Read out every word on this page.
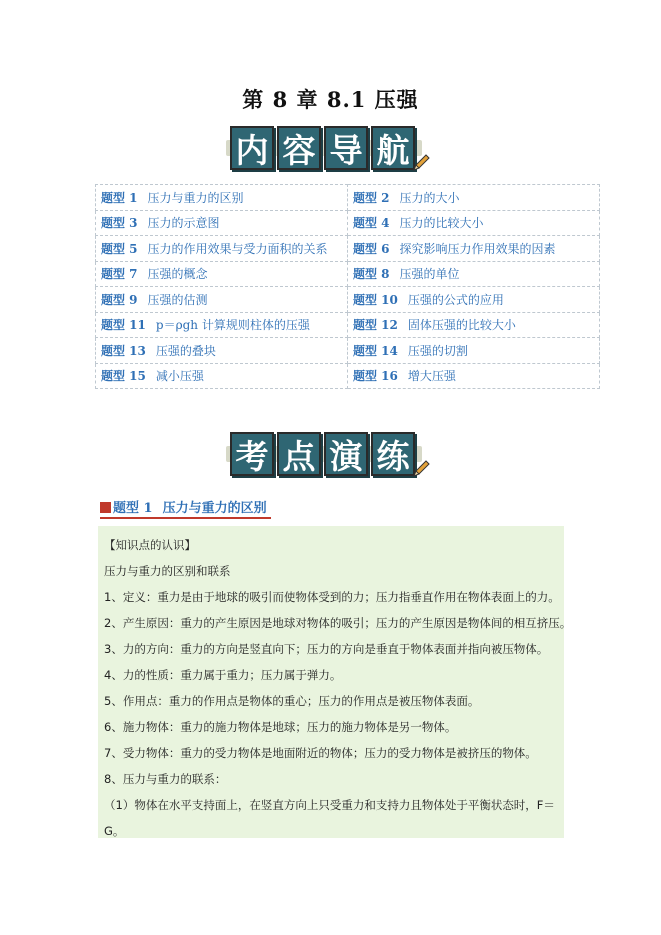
第 8 章 8.1 压强
内 容 导 航
题型 1 压力与重力的区别	题型 2 压力的大小
题型 3 压力的示意图	题型 4 压力的比较大小
题型 5 压力的作用效果与受力面积的关系	题型 6 探究影响压力作用效果的因素
题型 7 压强的概念	题型 8 压强的单位
题型 9 压强的估测	题型 10 压强的公式的应用
题型 11 p＝ρgh 计算规则柱体的压强	题型 12 固体压强的比较大小
题型 13 压强的叠块	题型 14 压强的切割
题型 15 减小压强	题型 16 增大压强
考 点 演 练
题型 1 压力与重力的区别

【知识点的认识】

压力与重力的区别和联系

1、定义：重力是由于地球的吸引而使物体受到的力；压力指垂直作用在物体表面上的力。

2、产生原因：重力的产生原因是地球对物体的吸引；压力的产生原因是物体间的相互挤压。

3、力的方向：重力的方向是竖直向下；压力的方向是垂直于物体表面并指向被压物体。

4、力的性质：重力属于重力；压力属于弹力。

5、作用点：重力的作用点是物体的重心；压力的作用点是被压物体表面。

6、施力物体：重力的施力物体是地球；压力的施力物体是另一物体。

7、受力物体：重力的受力物体是地面附近的物体；压力的受力物体是被挤压的物体。

8、压力与重力的联系：

（1）物体在水平支持面上，在竖直方向上只受重力和支持力且物体处于平衡状态时，F＝G。
